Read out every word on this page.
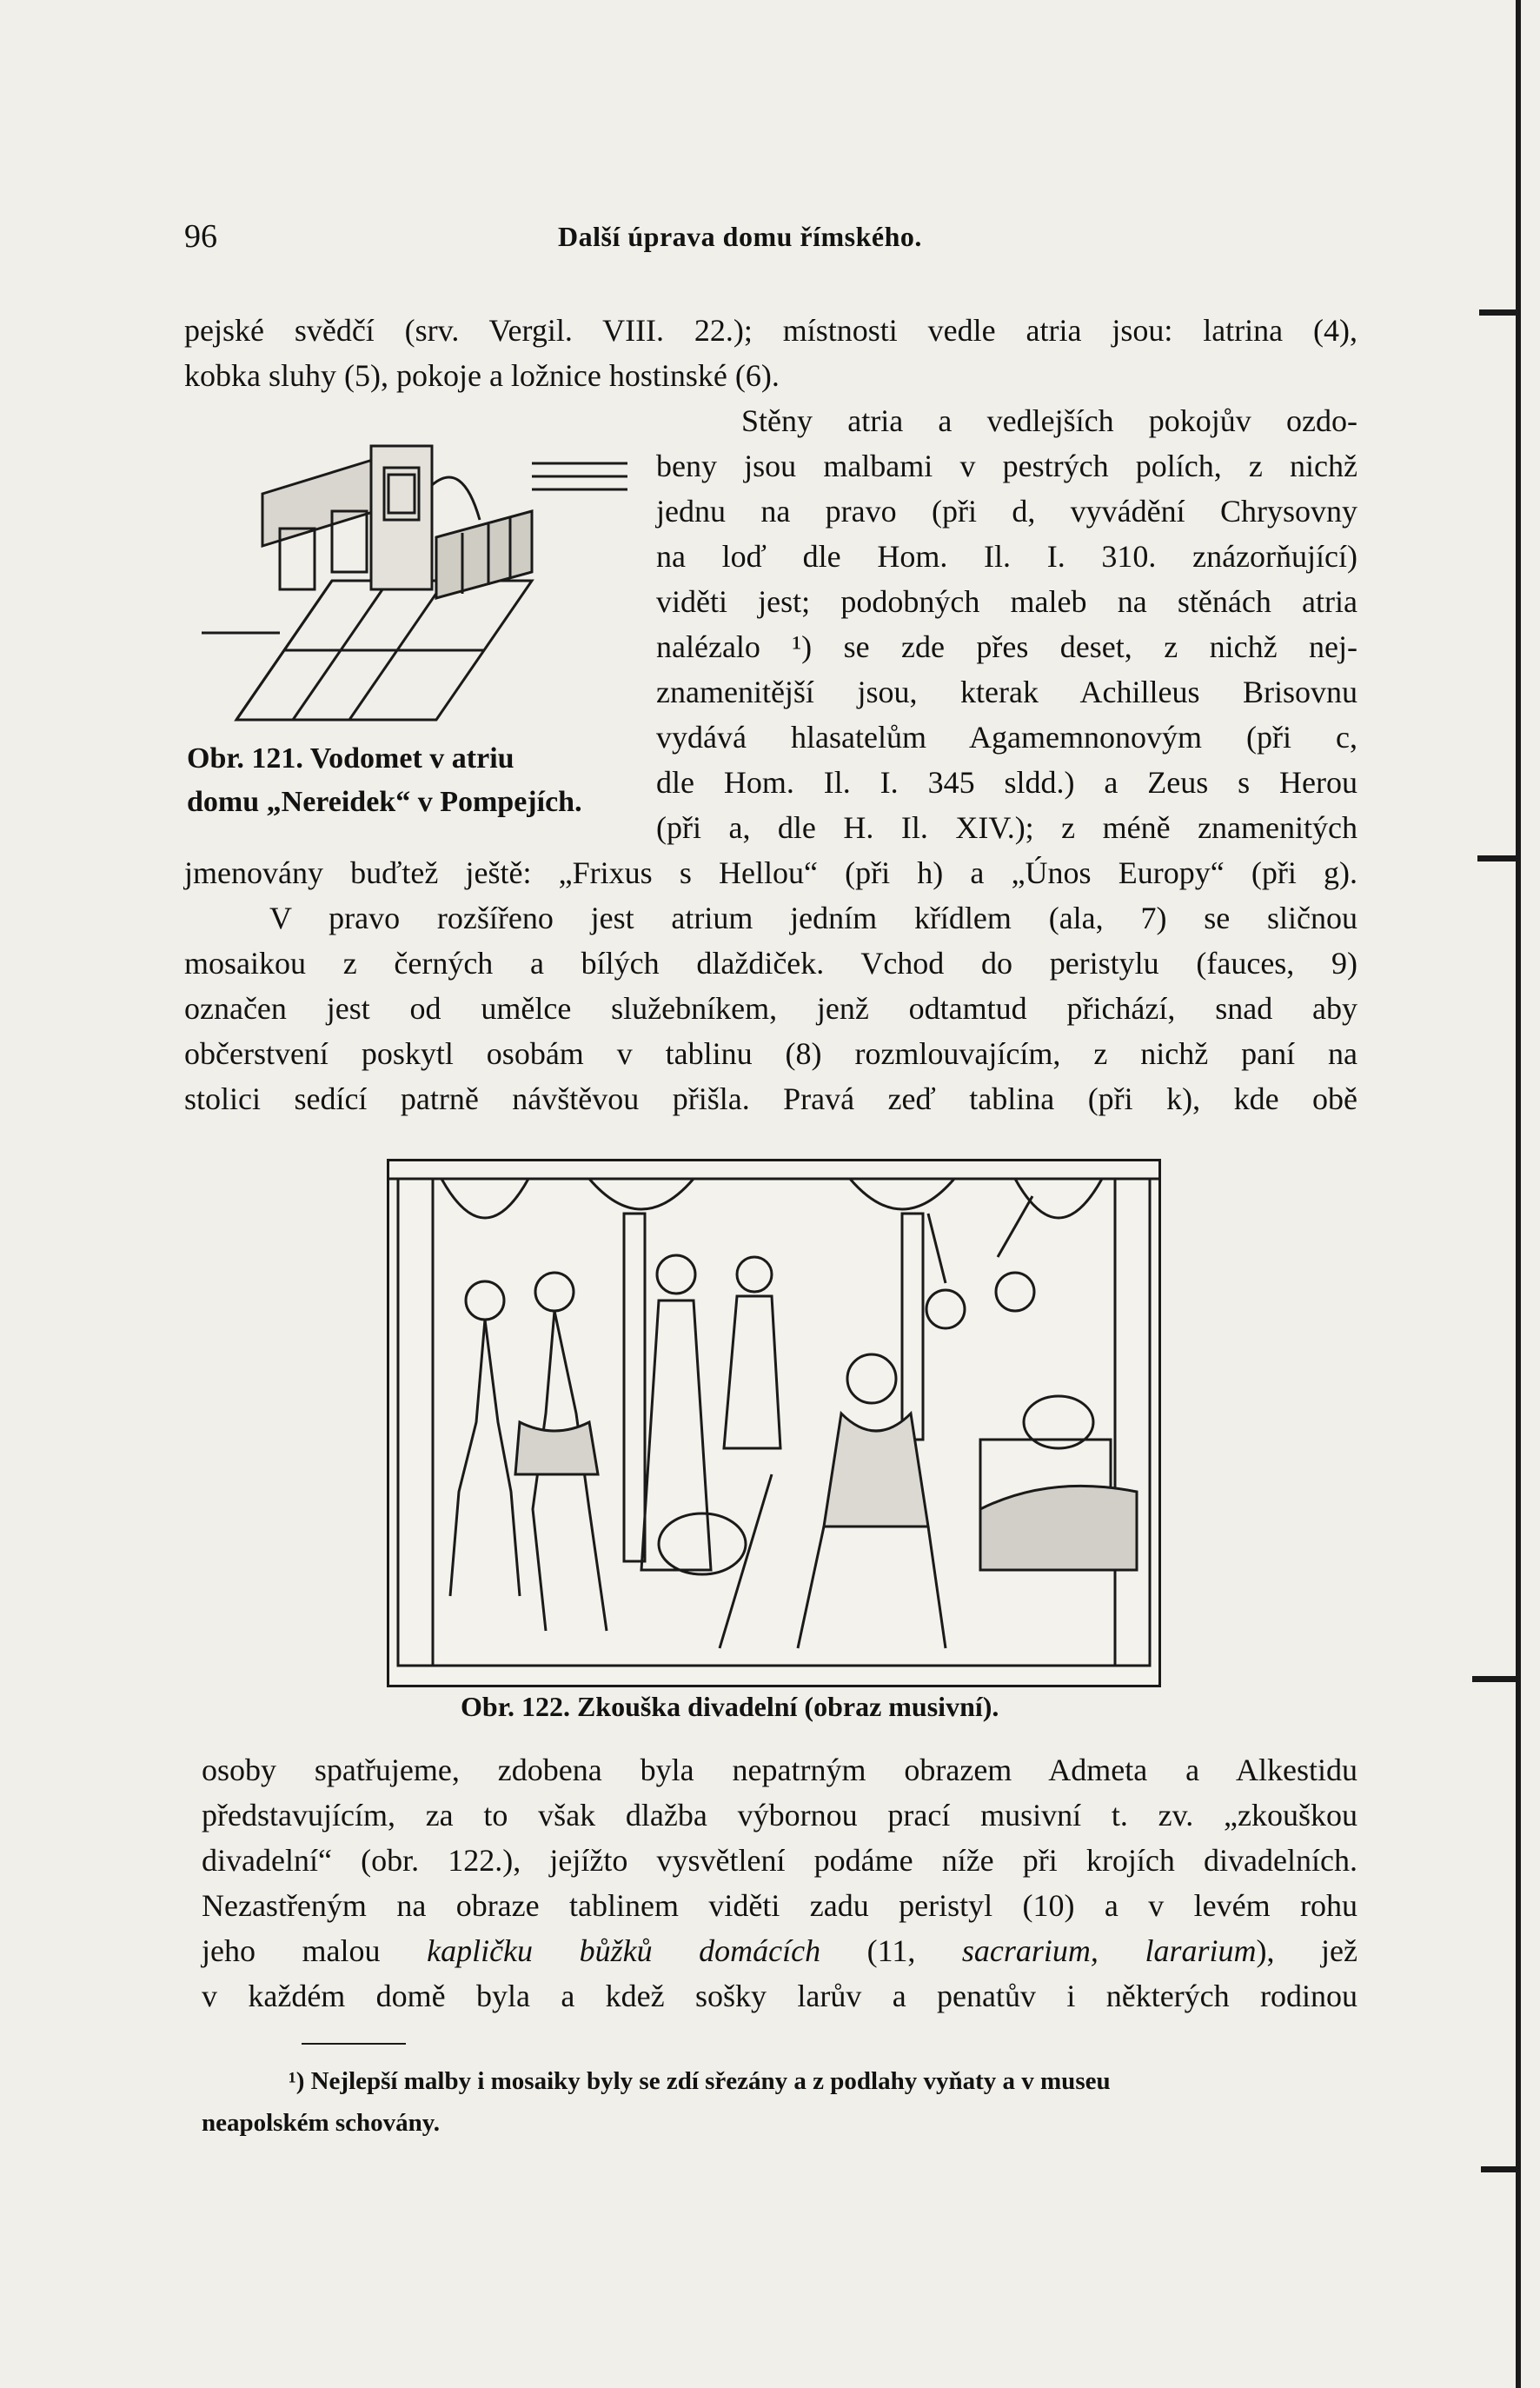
96	Další úprava domu římského.
pejské svědčí (srv. Vergil. VIII. 22.); místnosti vedle atria jsou: latrina (4),
kobka sluhy (5), pokoje a ložnice hostinské (6).
Stěny atria a vedlejších pokojův ozdo-
beny jsou malbami v pestrých polích, z nichž
jednu na pravo (při d, vyvádění Chrysovny
na loď dle Hom. Il. I. 310. znázorňující)
viděti jest; podobných maleb na stěnách atria
nalézalo ¹) se zde přes deset, z nichž nej-
znamenitější jsou, kterak Achilleus Brisovnu
vydává hlasatelům Agamemnonovým (při c,
dle Hom. Il. I. 345 sldd.) a Zeus s Herou
(při a, dle H. Il. XIV.); z méně znamenitých
Obr. 121. Vodomet v atriu
domu „Nereidek“ v Pompejích.
jmenovány buďtež ještě: „Frixus s Hellou“ (při h) a „Únos Europy“ (při g).
V pravo rozšířeno jest atrium jedním křídlem (ala, 7) se sličnou
mosaikou z černých a bílých dlaždiček. Vchod do peristylu (fauces, 9)
označen jest od umělce služebníkem, jenž odtamtud přichází, snad aby
občerstvení poskytl osobám v tablinu (8) rozmlouvajícím, z nichž paní na
stolici sedící patrně návštěvou přišla. Pravá zeď tablina (při k), kde obě
Obr. 122. Zkouška divadelní (obraz musivní).
osoby spatřujeme, zdobena byla nepatrným obrazem Admeta a Alkestidu
představujícím, za to však dlažba výbornou prací musivní t. zv. „zkouškou
divadelní“ (obr. 122.), jejížto vysvětlení podáme níže při krojích divadelních.
Nezastřeným na obraze tablinem viděti zadu peristyl (10) a v levém rohu
jeho malou kapličku bůžků domácích (11, sacrarium, lararium), jež
v každém domě byla a kdež sošky larův a penatův i některých rodinou
¹) Nejlepší malby i mosaiky byly se zdí sřezány a z podlahy vyňaty a v museu
neapolském schovány.
